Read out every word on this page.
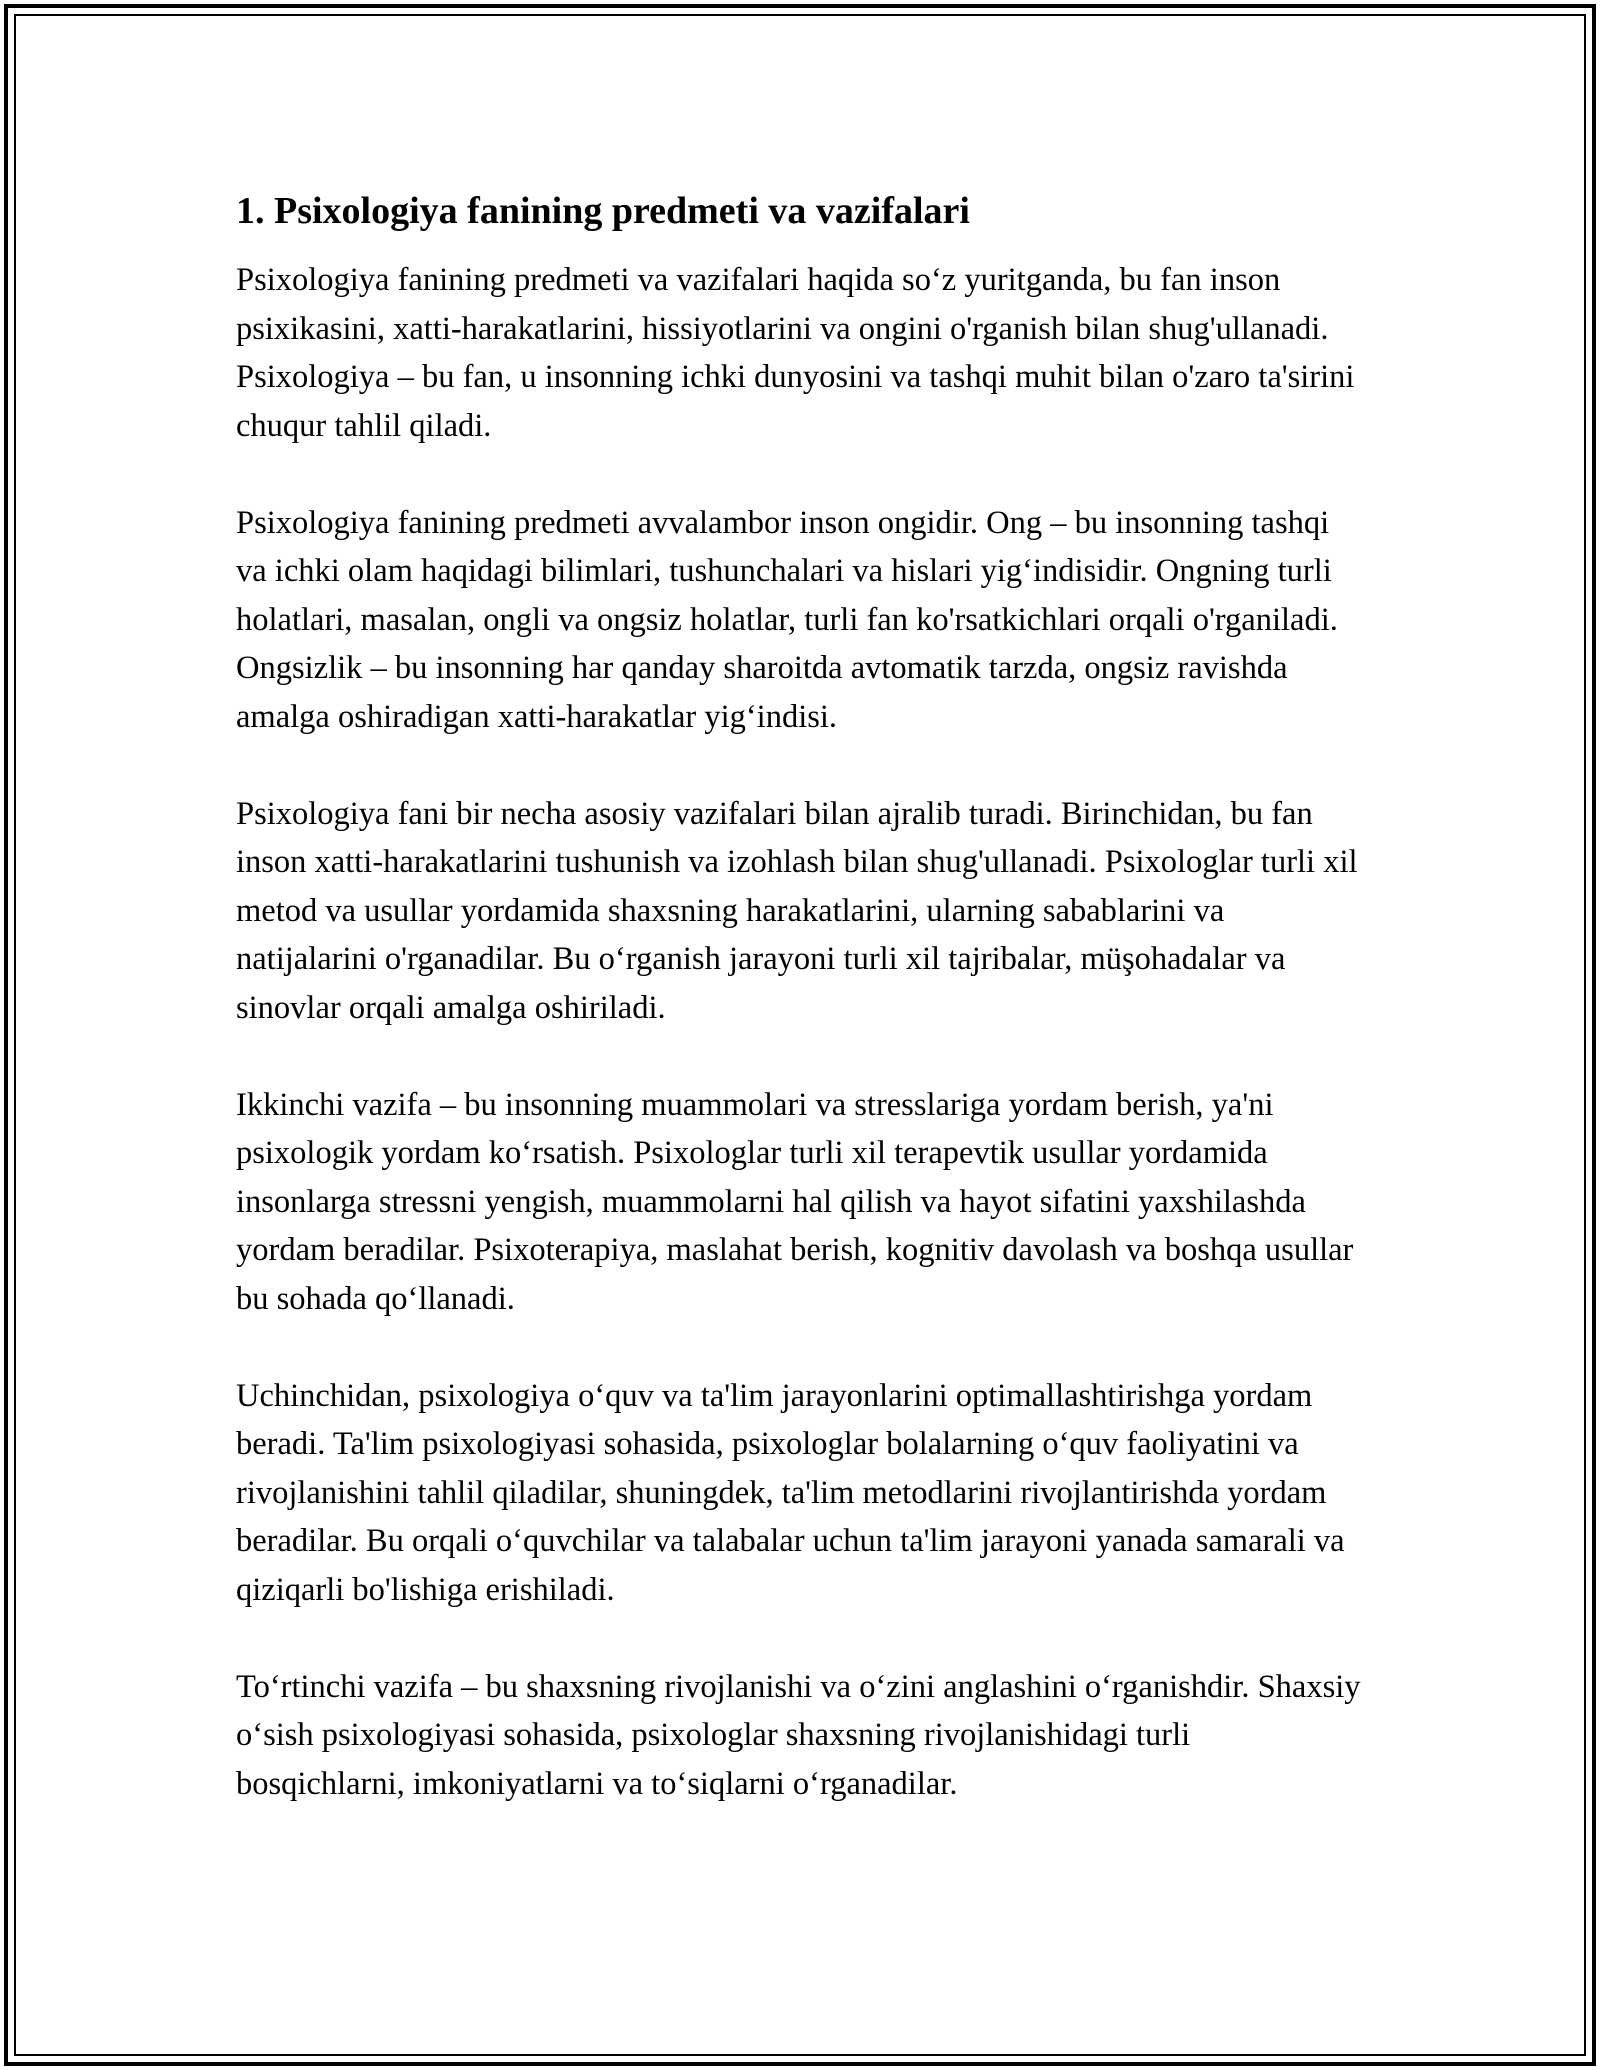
1. Psixologiya fanining predmeti va vazifalari

Psixologiya fanining predmeti va vazifalari haqida so‘z yuritganda, bu fan inson psixikasini, xatti-harakatlarini, hissiyotlarini va ongini o'rganish bilan shug'ullanadi. Psixologiya – bu fan, u insonning ichki dunyosini va tashqi muhit bilan o'zaro ta'sirini chuqur tahlil qiladi.

Psixologiya fanining predmeti avvalambor inson ongidir. Ong – bu insonning tashqi va ichki olam haqidagi bilimlari, tushunchalari va hislari yig‘indisidir. Ongning turli holatlari, masalan, ongli va ongsiz holatlar, turli fan ko'rsatkichlari orqali o'rganiladi. Ongsizlik – bu insonning har qanday sharoitda avtomatik tarzda, ongsiz ravishda amalga oshiradigan xatti-harakatlar yig‘indisi.

Psixologiya fani bir necha asosiy vazifalari bilan ajralib turadi. Birinchidan, bu fan inson xatti-harakatlarini tushunish va izohlash bilan shug'ullanadi. Psixologlar turli xil metod va usullar yordamida shaxsning harakatlarini, ularning sabablarini va natijalarini o'rganadilar. Bu o‘rganish jarayoni turli xil tajribalar, müşohadalar va sinovlar orqali amalga oshiriladi.

Ikkinchi vazifa – bu insonning muammolari va stresslariga yordam berish, ya'ni psixologik yordam ko‘rsatish. Psixologlar turli xil terapevtik usullar yordamida insonlarga stressni yengish, muammolarni hal qilish va hayot sifatini yaxshilashda yordam beradilar. Psixoterapiya, maslahat berish, kognitiv davolash va boshqa usullar bu sohada qo‘llanadi.

Uchinchidan, psixologiya o‘quv va ta'lim jarayonlarini optimallashtirishga yordam beradi. Ta'lim psixologiyasi sohasida, psixologlar bolalarning o‘quv faoliyatini va rivojlanishini tahlil qiladilar, shuningdek, ta'lim metodlarini rivojlantirishda yordam beradilar. Bu orqali o‘quvchilar va talabalar uchun ta'lim jarayoni yanada samarali va qiziqarli bo'lishiga erishiladi.

To‘rtinchi vazifa – bu shaxsning rivojlanishi va o‘zini anglashini o‘rganishdir. Shaxsiy o‘sish psixologiyasi sohasida, psixologlar shaxsning rivojlanishidagi turli bosqichlarni, imkoniyatlarni va to‘siqlarni o‘rganadilar.
